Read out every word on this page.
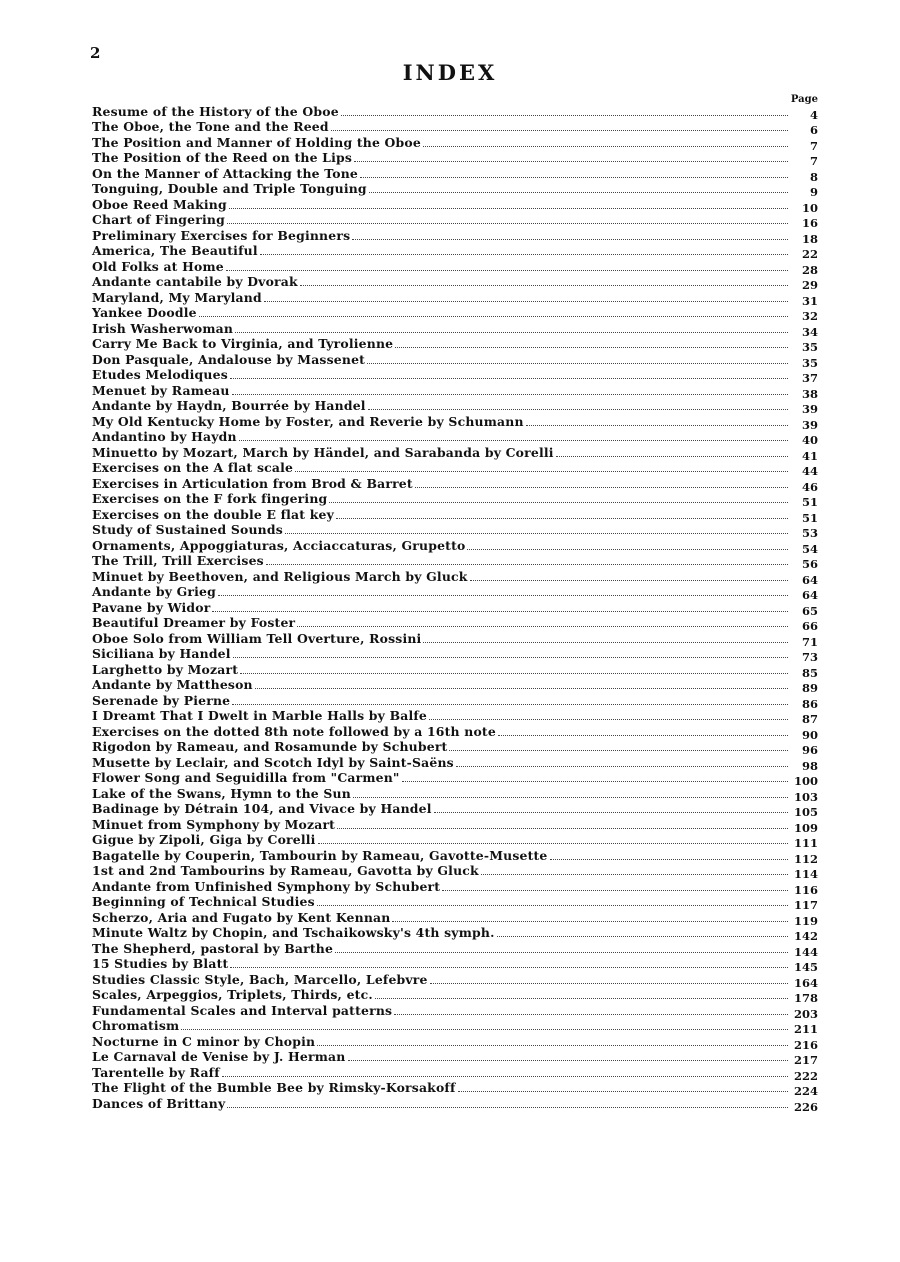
2
INDEX
Page
Resume of the History of the Oboe	4
The Oboe, the Tone and the Reed	6
The Position and Manner of Holding the Oboe	7
The Position of the Reed on the Lips	7
On the Manner of Attacking the Tone	8
Tonguing, Double and Triple Tonguing	9
Oboe Reed Making	10
Chart of Fingering	16
Preliminary Exercises for Beginners	18
America, The Beautiful	22
Old Folks at Home	28
Andante cantabile by Dvorak	29
Maryland, My Maryland	31
Yankee Doodle	32
Irish Washerwoman	34
Carry Me Back to Virginia, and Tyrolienne	35
Don Pasquale, Andalouse by Massenet	35
Etudes Melodiques	37
Menuet by Rameau	38
Andante by Haydn, Bourrée by Handel	39
My Old Kentucky Home by Foster, and Reverie by Schumann	39
Andantino by Haydn	40
Minuetto by Mozart, March by Händel, and Sarabanda by Corelli	41
Exercises on the A flat scale	44
Exercises in Articulation from Brod & Barret	46
Exercises on the F fork fingering	51
Exercises on the double E flat key	51
Study of Sustained Sounds	53
Ornaments, Appoggiaturas, Acciaccaturas, Grupetto	54
The Trill, Trill Exercises	56
Minuet by Beethoven, and Religious March by Gluck	64
Andante by Grieg	64
Pavane by Widor	65
Beautiful Dreamer by Foster	66
Oboe Solo from William Tell Overture, Rossini	71
Siciliana by Handel	73
Larghetto by Mozart	85
Andante by Mattheson	89
Serenade by Pierne	86
I Dreamt That I Dwelt in Marble Halls by Balfe	87
Exercises on the dotted 8th note followed by a 16th note	90
Rigodon by Rameau, and Rosamunde by Schubert	96
Musette by Leclair, and Scotch Idyl by Saint-Saëns	98
Flower Song and Seguidilla from "Carmen"	100
Lake of the Swans, Hymn to the Sun	103
Badinage by Détrain 104, and Vivace by Handel	105
Minuet from Symphony by Mozart	109
Gigue by Zipoli, Giga by Corelli	111
Bagatelle by Couperin, Tambourin by Rameau, Gavotte-Musette	112
1st and 2nd Tambourins by Rameau, Gavotta by Gluck	114
Andante from Unfinished Symphony by Schubert	116
Beginning of Technical Studies	117
Scherzo, Aria and Fugato by Kent Kennan	119
Minute Waltz by Chopin, and Tschaikowsky's 4th symph.	142
The Shepherd, pastoral by Barthe	144
15 Studies by Blatt	145
Studies Classic Style, Bach, Marcello, Lefebvre	164
Scales, Arpeggios, Triplets, Thirds, etc.	178
Fundamental Scales and Interval patterns	203
Chromatism	211
Nocturne in C minor by Chopin	216
Le Carnaval de Venise by J. Herman	217
Tarentelle by Raff	222
The Flight of the Bumble Bee by Rimsky-Korsakoff	224
Dances of Brittany	226
